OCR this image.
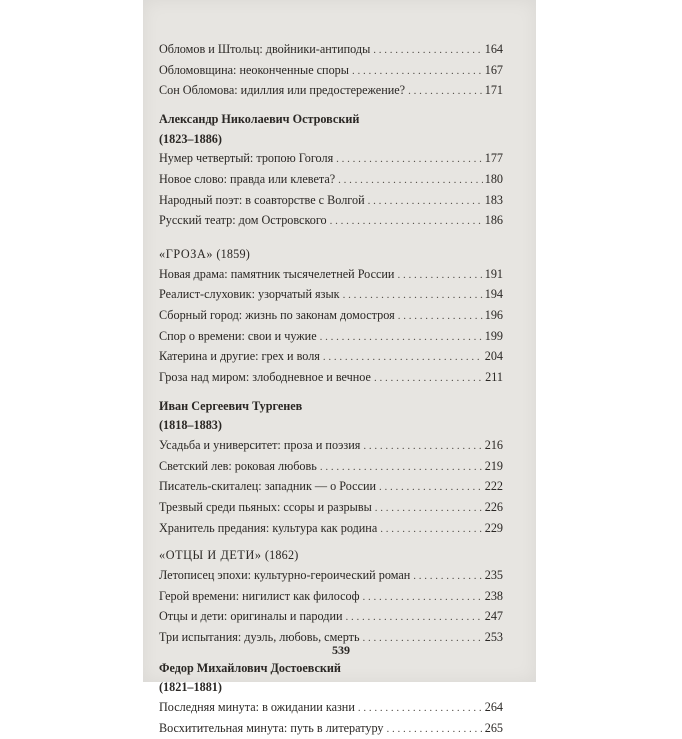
Обломов и Штольц: двойники-антиподы . . .	164
Обломовщина: неоконченные споры . . .	167
Сон Обломова: идиллия или предостережение? . . .	171
Александр Николаевич Островский
(1823–1886)
Нумер четвертый: тропою Гоголя . . .	177
Новое слово: правда или клевета? . . .	180
Народный поэт: в соавторстве с Волгой . . .	183
Русский театр: дом Островского . . .	186
«ГРОЗА» (1859)
Новая драма: памятник тысячелетней России . . .	191
Реалист-слуховик: узорчатый язык . . .	194
Сборный город: жизнь по законам домостроя . . .	196
Спор о времени: свои и чужие . . .	199
Катерина и другие: грех и воля . . .	204
Гроза над миром: злободневное и вечное . . .	211
Иван Сергеевич Тургенев
(1818–1883)
Усадьба и университет: проза и поэзия . . .	216
Светский лев: роковая любовь . . .	219
Писатель-скиталец: западник — о России . . .	222
Трезвый среди пьяных: ссоры и разрывы . . .	226
Хранитель предания: культура как родина . . .	229
«ОТЦЫ И ДЕТИ» (1862)
Летописец эпохи: культурно-героический роман . . .	235
Герой времени: нигилист как философ . . .	238
Отцы и дети: оригиналы и пародии . . .	247
Три испытания: дуэль, любовь, смерть . . .	253
Федор Михайлович Достоевский
(1821–1881)
Последняя минута: в ожидании казни . . .	264
Восхитительная минута: путь в литературу . . .	265
539
